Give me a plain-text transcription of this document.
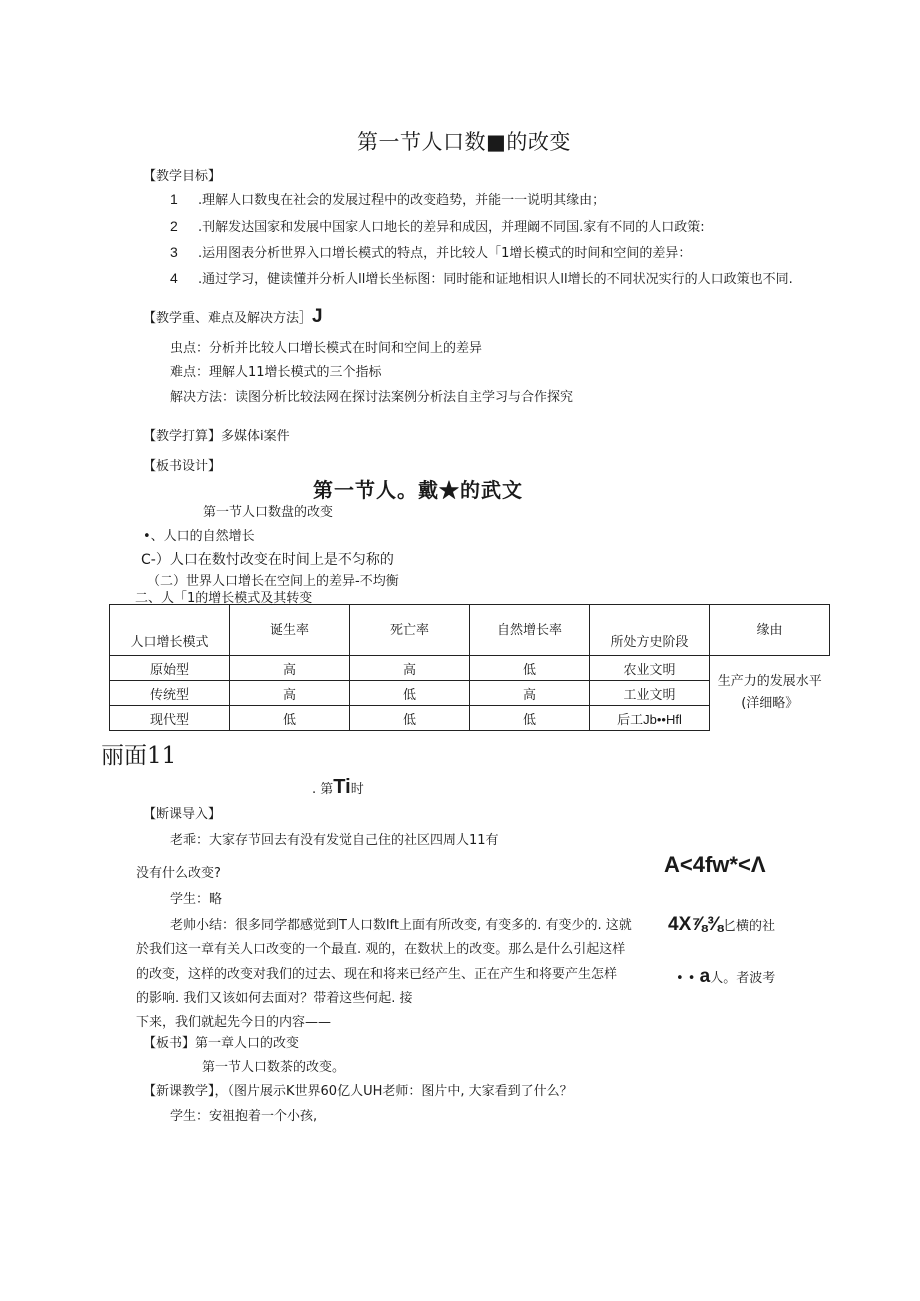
第一节人口数■的改变
【教学目标】
1 .理解人口数曳在社会的发展过程中的改变趋势，并能一一说明其缘由；
2 .刊解发达国家和发展中国家人口地长的差异和成因，并理阚不同国.家有不同的人口政策:
3 .运用图表分析世界入口增长模式的特点，并比较人「1增长模式的时间和空间的差异：
4 .通过学习，健读懂并分析人ll增长坐标图：同时能和证地相识人ll增长的不同状况实行的人口政策也不同.
【教学重、难点及解决方法］J
虫点：分析并比较人口增长模式在时间和空间上的差异
难点：理解人11增长模式的三个指标
解决方法：读图分析比较法网在探讨法案例分析法自主学习与合作探究
【教学打算】多媒体i案件
【板书设计】
第一节人。戴★的武文
第一节人口数盘的改变
•、人口的自然增长
C-）人口在数忖改变在时间上是不匀称的
（二）世界人口增长在空间上的差异-不均衡
二、人「1的增长模式及其转变
人口增长模式	诞生率	死亡率	自然增长率	所处方史阶段	缘由
原始型	高	高	低	农业文明	生产力的发展水平
(洋细略》

传统型	高	低	高	工业文明	
现代型	低	低	低	后工Jb••Hfl	
丽面11
. 第Ti时
【断课导入】
老乖：大家存节回去有没有发觉自己住的社区四周人11有
没有什么改变?
学生：略
老帅小结：很多同学都感觉到T人口数lft上面有所改变, 有变多的. 有变少的. 这就
於我们这一章有关人口改变的一个最直. 观的，在数状上的改变。那么是什么引起这样
的改变，这样的改变对我们的过去、现在和将来已经产生、正在产生和将要产生怎样
的影响. 我们又该如何去面对？带着这些何起. 接
下来，我们就起先今日的内容——
A<4fw*<Λ
4X⅞⅜匕横的社
• • a人。者波考
【板书】第一章人口的改变
第一节人口数茶的改变。
【新课教学】，（图片展示K世界60亿人UH老师：图片中, 大家看到了什么？
学生：安祖抱着一个小孩,
